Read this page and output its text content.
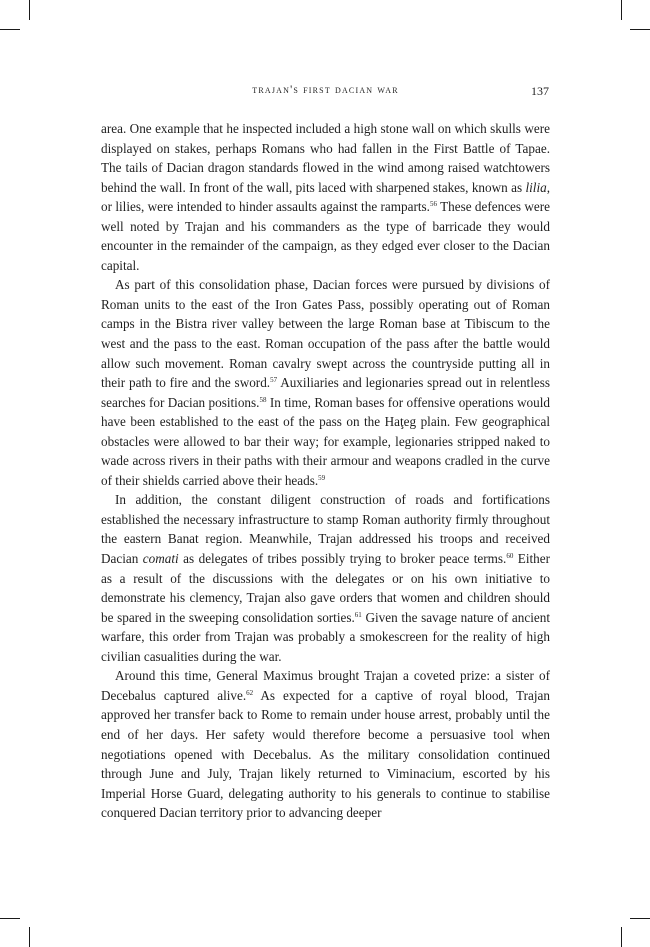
trajan's first dacian war	137

area. One example that he inspected included a high stone wall on which skulls were displayed on stakes, perhaps Romans who had fallen in the First Battle of Tapae. The tails of Dacian dragon standards flowed in the wind among raised watchtowers behind the wall. In front of the wall, pits laced with sharpened stakes, known as lilia, or lilies, were intended to hinder assaults against the ramparts.$^{56}$ These defences were well noted by Trajan and his commanders as the type of barricade they would encounter in the remainder of the campaign, as they edged ever closer to the Dacian capital.

As part of this consolidation phase, Dacian forces were pursued by divisions of Roman units to the east of the Iron Gates Pass, possibly operating out of Roman camps in the Bistra river valley between the large Roman base at Tibiscum to the west and the pass to the east. Roman occupation of the pass after the battle would allow such movement. Roman cavalry swept across the countryside putting all in their path to fire and the sword.$^{57}$ Auxiliaries and legionaries spread out in relentless searches for Dacian positions.$^{58}$ In time, Roman bases for offensive operations would have been established to the east of the pass on the Haţeg plain. Few geographical obstacles were allowed to bar their way; for example, legionaries stripped naked to wade across rivers in their paths with their armour and weapons cradled in the curve of their shields carried above their heads.$^{59}$

In addition, the constant diligent construction of roads and fortifications established the necessary infrastructure to stamp Roman authority firmly throughout the eastern Banat region. Meanwhile, Trajan addressed his troops and received Dacian comati as delegates of tribes possibly trying to broker peace terms.$^{60}$ Either as a result of the discussions with the delegates or on his own initiative to demonstrate his clemency, Trajan also gave orders that women and children should be spared in the sweeping consolidation sorties.$^{61}$ Given the savage nature of ancient warfare, this order from Trajan was probably a smokescreen for the reality of high civilian casualities during the war.

Around this time, General Maximus brought Trajan a coveted prize: a sister of Decebalus captured alive.$^{62}$ As expected for a captive of royal blood, Trajan approved her transfer back to Rome to remain under house arrest, probably until the end of her days. Her safety would therefore become a persuasive tool when negotiations opened with Decebalus. As the military consolidation continued through June and July, Trajan likely returned to Viminacium, escorted by his Imperial Horse Guard, delegating authority to his generals to continue to stabilise conquered Dacian territory prior to advancing deeper
